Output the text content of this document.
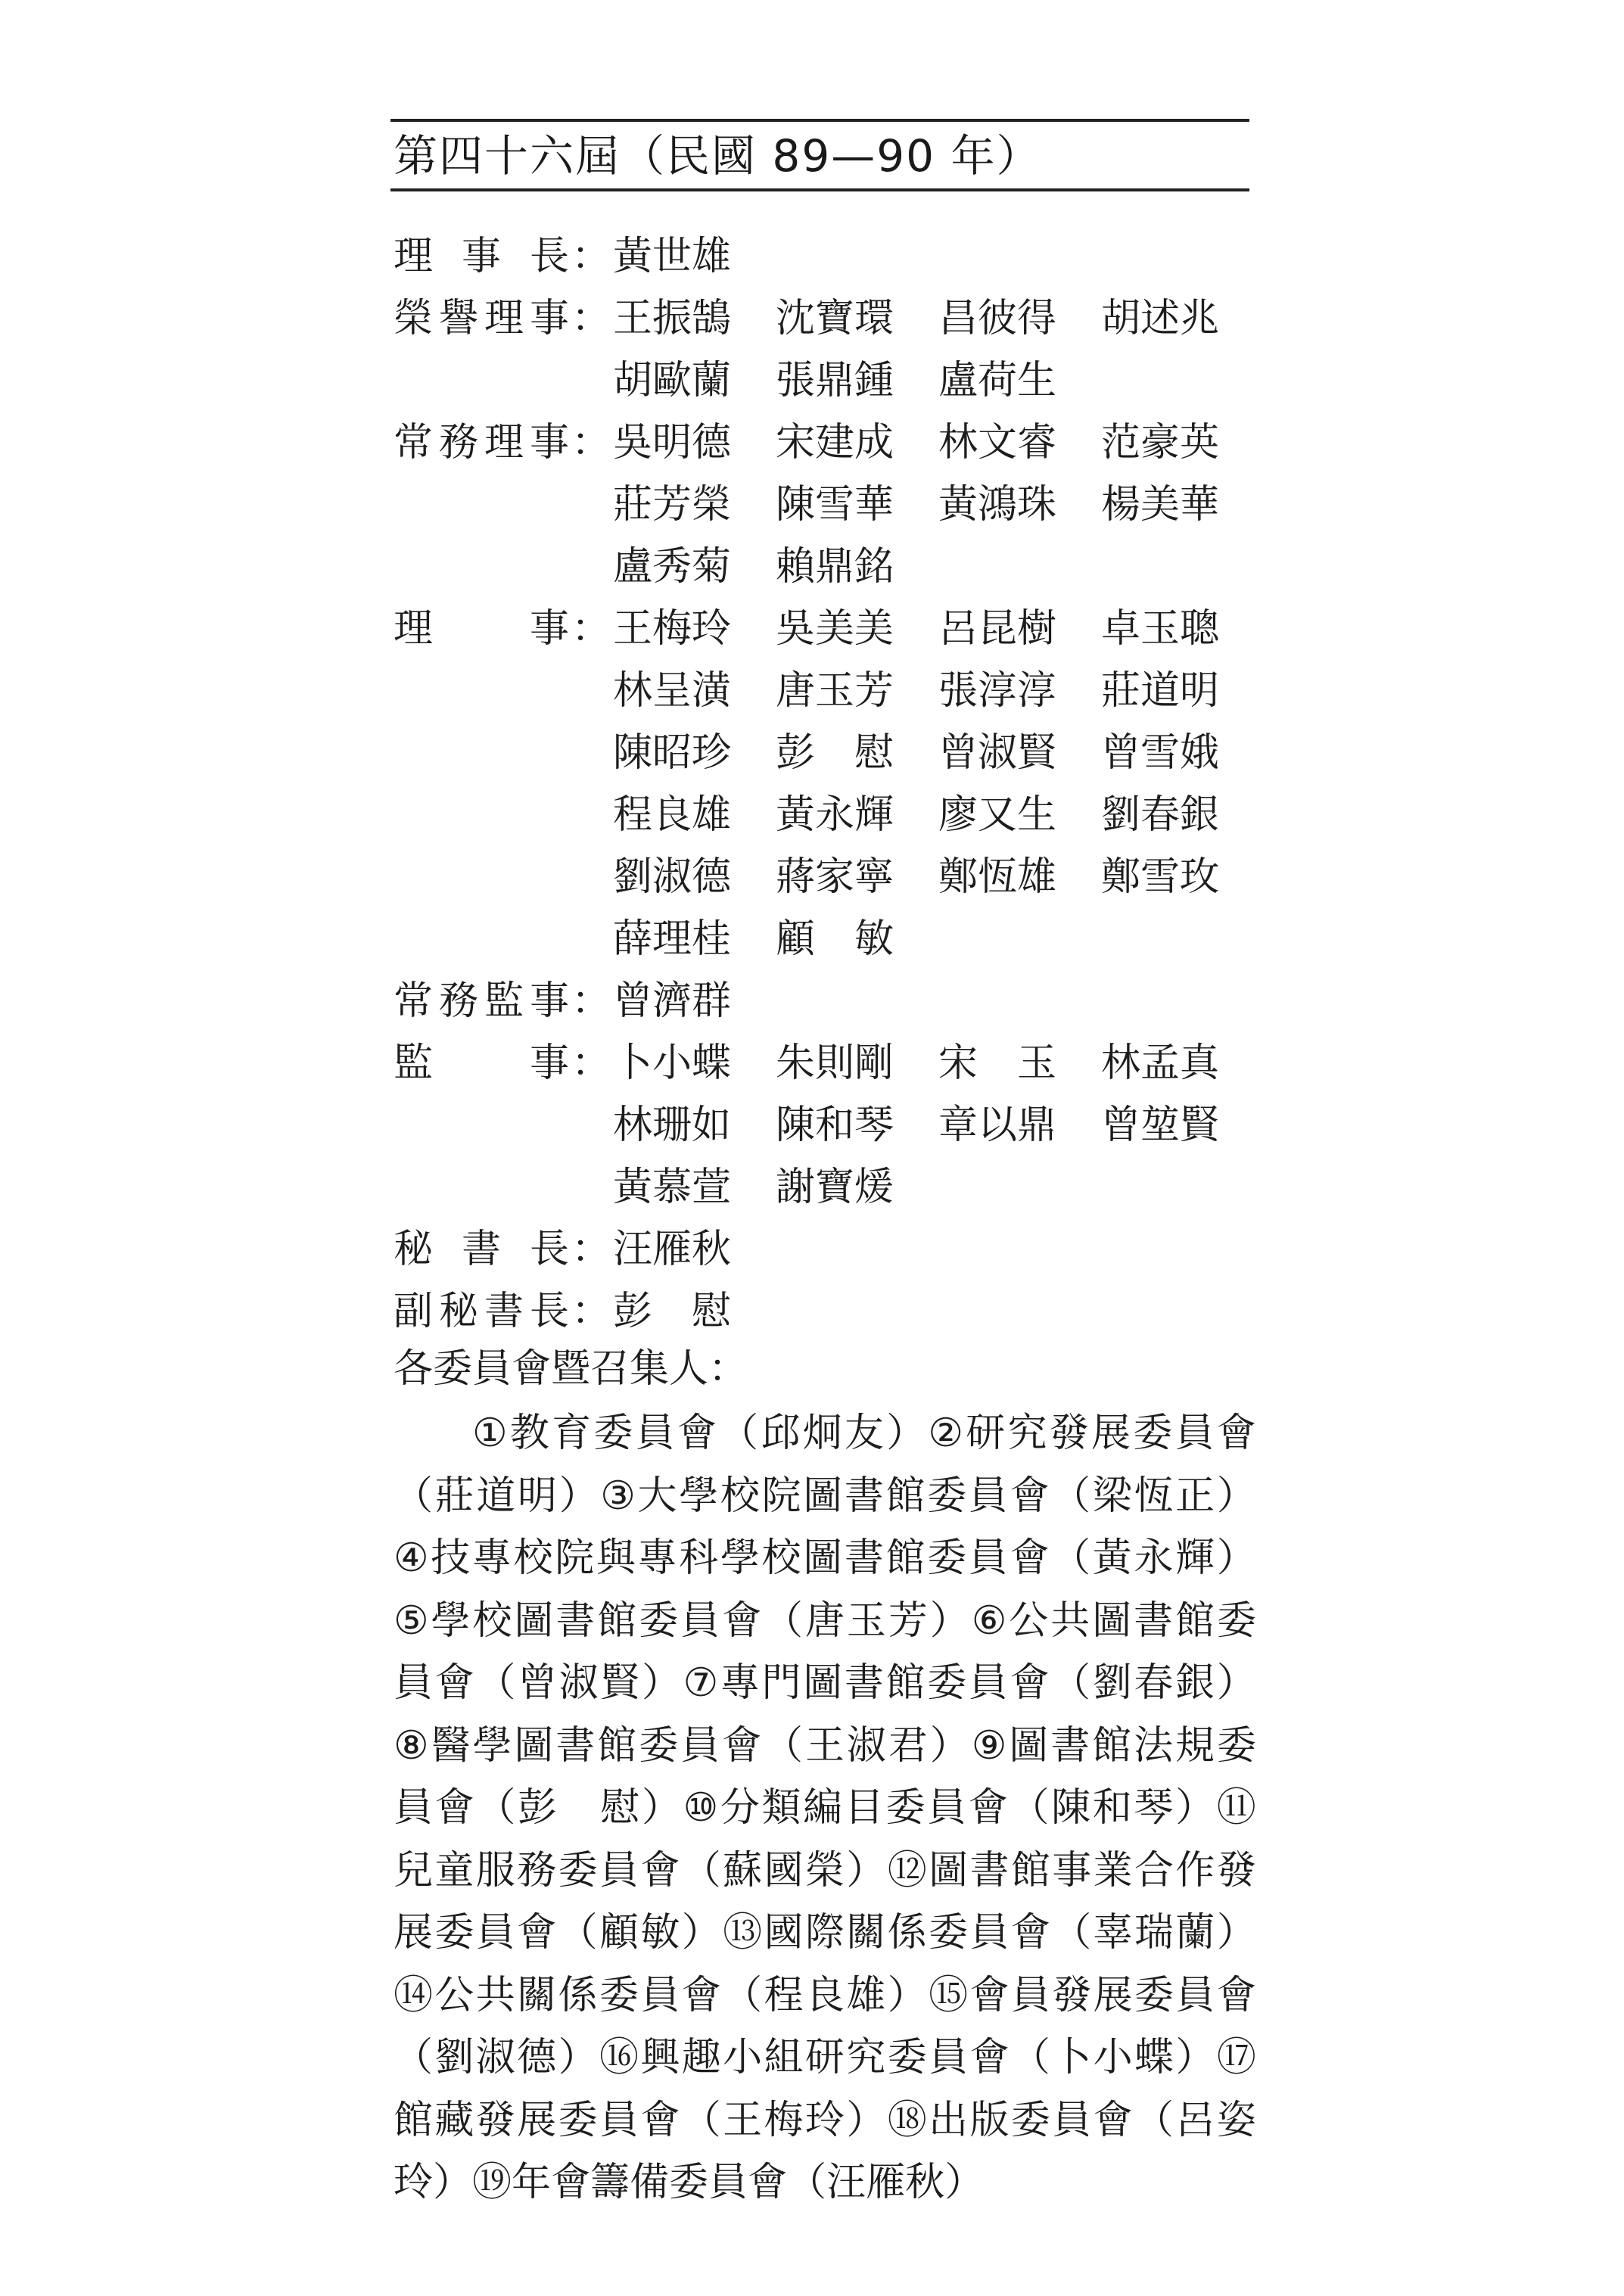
第四十六屆（民國 89—90 年）
理 事 長 ： 黃世雄
榮 譽 理 事 ： 王振鵠	沈寶環	昌彼得	胡述兆
胡歐蘭	張鼎鍾	盧荷生
常 務 理 事 ： 吳明德	宋建成	林文睿	范豪英
莊芳榮	陳雪華	黃鴻珠	楊美華
盧秀菊	賴鼎銘
理 事 ： 王梅玲	吳美美	呂昆樹	卓玉聰
林呈潢	唐玉芳	張淳淳	莊道明
陳昭珍	彭　慰	曾淑賢	曾雪娥
程良雄	黃永輝	廖又生	劉春銀
劉淑德	蔣家寧	鄭恆雄	鄭雪玫
薛理桂	顧　敏
常 務 監 事 ： 曾濟群
監 事 ： 卜小蝶	朱則剛	宋　玉	林孟真
林珊如	陳和琴	章以鼎	曾堃賢
黃慕萱	謝寶煖
秘 書 長 ： 汪雁秋
副 秘 書 長 ： 彭　慰
各委員會暨召集人：
① 教 育 委 員 會 （ 邱 炯 友 ） ② 研 究 發 展 委 員 會
（ 莊 道 明 ） ③ 大 學 校 院 圖 書 館 委 員 會 （ 梁 恆 正 ）
④ 技 專 校 院 與 專 科 學 校 圖 書 館 委 員 會 （ 黃 永 輝 ）
⑤ 學 校 圖 書 館 委 員 會 （ 唐 玉 芳 ） ⑥ 公 共 圖 書 館 委
員 會 （ 曾 淑 賢 ） ⑦ 專 門 圖 書 館 委 員 會 （ 劉 春 銀 ）
⑧ 醫 學 圖 書 館 委 員 會 （ 王 淑 君 ） ⑨ 圖 書 館 法 規 委
員 會 （ 彭
　 慰 ） ⑩ 分 類 編 目 委 員 會 （ 陳 和 琴 ） ⑪
兒 童 服 務 委 員 會 （ 蘇 國 榮 ） ⑫ 圖 書 館 事 業 合 作 發
展 委 員 會 （ 顧 敏 ） ⑬ 國 際 關 係 委 員 會 （ 辜 瑞 蘭 ）
⑭ 公 共 關 係 委 員 會 （ 程 良 雄 ） ⑮ 會 員 發 展 委 員 會
（ 劉 淑 德 ） ⑯ 興 趣 小 組 研 究 委 員 會 （ 卜 小 蝶 ） ⑰
館 藏 發 展 委 員 會 （ 王 梅 玲 ） ⑱ 出 版 委 員 會 （ 呂 姿
玲 ） ⑲ 年 會 籌 備 委 員 會 （ 汪 雁 秋 ）
